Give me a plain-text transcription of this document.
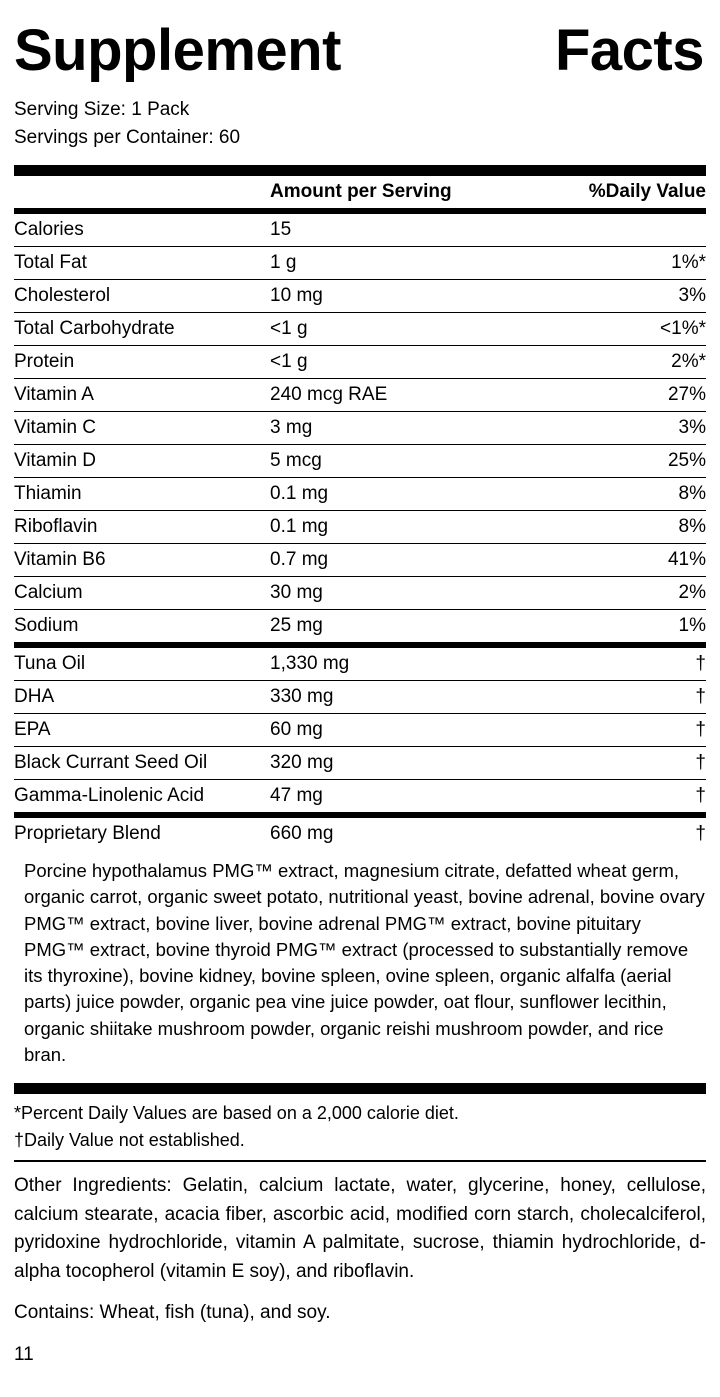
Supplement	Facts
Serving Size: 1 Pack
Servings per Container: 60
	Amount per Serving	%Daily Value
Calories	15	
Total Fat	1 g	1%*
Cholesterol	10 mg	3%
Total Carbohydrate	<1 g	<1%*
Protein	<1 g	2%*
Vitamin A	240 mcg RAE	27%
Vitamin C	3 mg	3%
Vitamin D	5 mcg	25%
Thiamin	0.1 mg	8%
Riboflavin	0.1 mg	8%
Vitamin B6	0.7 mg	41%
Calcium	30 mg	2%
Sodium	25 mg	1%
Tuna Oil	1,330 mg	†
DHA	330 mg	†
EPA	60 mg	†
Black Currant Seed Oil	320 mg	†
Gamma-Linolenic Acid	47 mg	†
Proprietary Blend	660 mg	†

Porcine hypothalamus PMG™ extract, magnesium citrate, defatted wheat germ, organic carrot, organic sweet potato, nutritional yeast, bovine adrenal, bovine ovary PMG™ extract, bovine liver, bovine adrenal PMG™ extract, bovine pituitary PMG™ extract, bovine thyroid PMG™ extract (processed to substantially remove its thyroxine), bovine kidney, bovine spleen, ovine spleen, organic alfalfa (aerial parts) juice powder, organic pea vine juice powder, oat flour, sunflower lecithin, organic shiitake mushroom powder, organic reishi mushroom powder, and rice bran.		
*Percent Daily Values are based on a 2,000 calorie diet.
†Daily Value not established.
Other Ingredients: Gelatin, calcium lactate, water, glycerine, honey, cellulose, calcium stearate, acacia fiber, ascorbic acid, modified corn starch, cholecalciferol, pyridoxine hydrochloride, vitamin A palmitate, sucrose, thiamin hydrochloride, d-alpha tocopherol (vitamin E soy), and riboflavin.
Contains: Wheat, fish (tuna), and soy.
11
